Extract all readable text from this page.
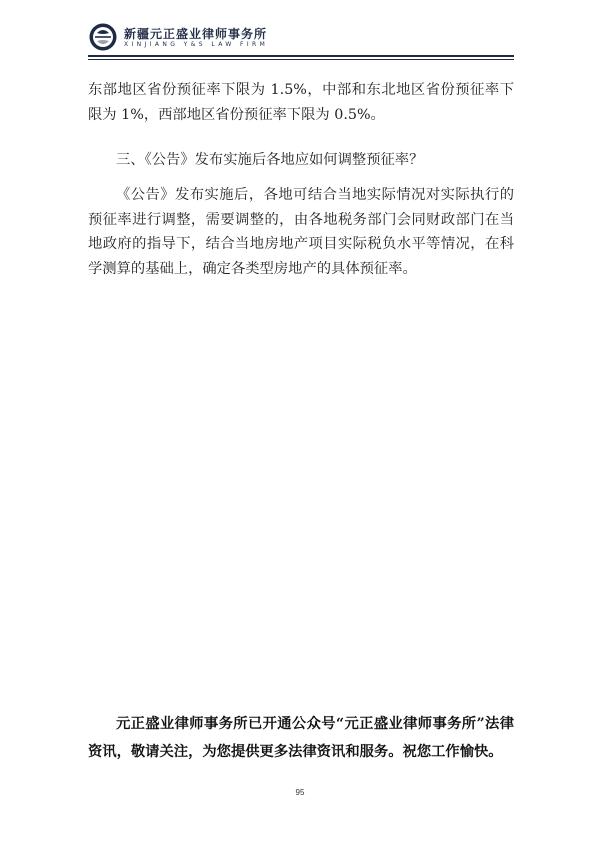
新疆元正盛业律师事务所
XINJIANG Y&S LAW FIRM
东部地区省份预征率下限为 1.5%，中部和东北地区省份预征率下限为 1%，西部地区省份预征率下限为 0.5%。
三、《公告》发布实施后各地应如何调整预征率？
《公告》发布实施后，各地可结合当地实际情况对实际执行的预征率进行调整，需要调整的，由各地税务部门会同财政部门在当地政府的指导下，结合当地房地产项目实际税负水平等情况，在科学测算的基础上，确定各类型房地产的具体预征率。
元正盛业律师事务所已开通公众号“元正盛业律师事务所”法律资讯，敬请关注，为您提供更多法律资讯和服务。祝您工作愉快。
95
